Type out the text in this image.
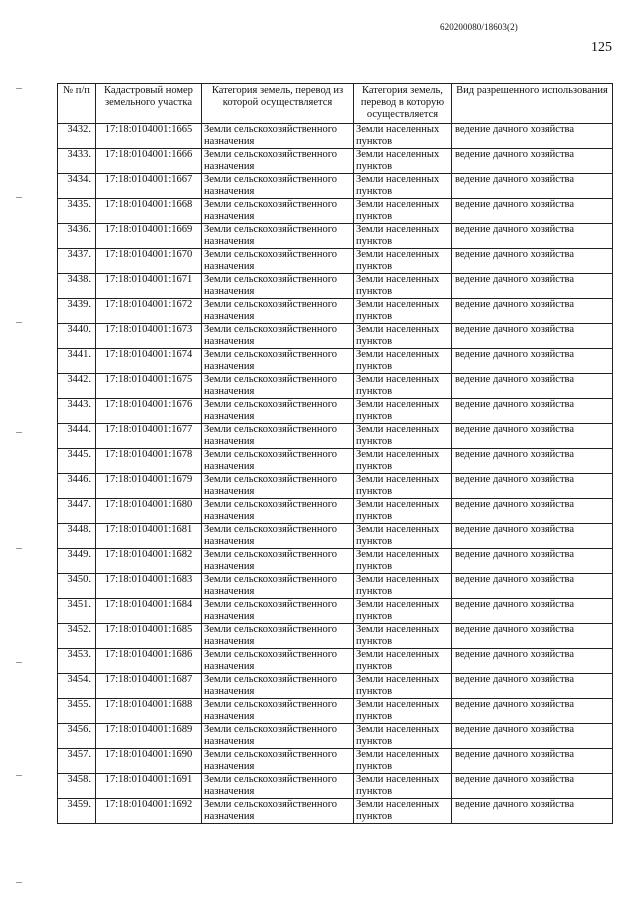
620200080/18603(2)
125
№ п/п	Кадастровый номер земельного участка	Категория земель, перевод из которой осуществляется	Категория земель, перевод в которую осуществляется	Вид разрешенного использования
3432.	17:18:0104001:1665	Земли сельскохозяйственного назначения	Земли населенных пунктов	ведение дачного хозяйства
3433.	17:18:0104001:1666	Земли сельскохозяйственного назначения	Земли населенных пунктов	ведение дачного хозяйства
3434.	17:18:0104001:1667	Земли сельскохозяйственного назначения	Земли населенных пунктов	ведение дачного хозяйства
3435.	17:18:0104001:1668	Земли сельскохозяйственного назначения	Земли населенных пунктов	ведение дачного хозяйства
3436.	17:18:0104001:1669	Земли сельскохозяйственного назначения	Земли населенных пунктов	ведение дачного хозяйства
3437.	17:18:0104001:1670	Земли сельскохозяйственного назначения	Земли населенных пунктов	ведение дачного хозяйства
3438.	17:18:0104001:1671	Земли сельскохозяйственного назначения	Земли населенных пунктов	ведение дачного хозяйства
3439.	17:18:0104001:1672	Земли сельскохозяйственного назначения	Земли населенных пунктов	ведение дачного хозяйства
3440.	17:18:0104001:1673	Земли сельскохозяйственного назначения	Земли населенных пунктов	ведение дачного хозяйства
3441.	17:18:0104001:1674	Земли сельскохозяйственного назначения	Земли населенных пунктов	ведение дачного хозяйства
3442.	17:18:0104001:1675	Земли сельскохозяйственного назначения	Земли населенных пунктов	ведение дачного хозяйства
3443.	17:18:0104001:1676	Земли сельскохозяйственного назначения	Земли населенных пунктов	ведение дачного хозяйства
3444.	17:18:0104001:1677	Земли сельскохозяйственного назначения	Земли населенных пунктов	ведение дачного хозяйства
3445.	17:18:0104001:1678	Земли сельскохозяйственного назначения	Земли населенных пунктов	ведение дачного хозяйства
3446.	17:18:0104001:1679	Земли сельскохозяйственного назначения	Земли населенных пунктов	ведение дачного хозяйства
3447.	17:18:0104001:1680	Земли сельскохозяйственного назначения	Земли населенных пунктов	ведение дачного хозяйства
3448.	17:18:0104001:1681	Земли сельскохозяйственного назначения	Земли населенных пунктов	ведение дачного хозяйства
3449.	17:18:0104001:1682	Земли сельскохозяйственного назначения	Земли населенных пунктов	ведение дачного хозяйства
3450.	17:18:0104001:1683	Земли сельскохозяйственного назначения	Земли населенных пунктов	ведение дачного хозяйства
3451.	17:18:0104001:1684	Земли сельскохозяйственного назначения	Земли населенных пунктов	ведение дачного хозяйства
3452.	17:18:0104001:1685	Земли сельскохозяйственного назначения	Земли населенных пунктов	ведение дачного хозяйства
3453.	17:18:0104001:1686	Земли сельскохозяйственного назначения	Земли населенных пунктов	ведение дачного хозяйства
3454.	17:18:0104001:1687	Земли сельскохозяйственного назначения	Земли населенных пунктов	ведение дачного хозяйства
3455.	17:18:0104001:1688	Земли сельскохозяйственного назначения	Земли населенных пунктов	ведение дачного хозяйства
3456.	17:18:0104001:1689	Земли сельскохозяйственного назначения	Земли населенных пунктов	ведение дачного хозяйства
3457.	17:18:0104001:1690	Земли сельскохозяйственного назначения	Земли населенных пунктов	ведение дачного хозяйства
3458.	17:18:0104001:1691	Земли сельскохозяйственного назначения	Земли населенных пунктов	ведение дачного хозяйства
3459.	17:18:0104001:1692	Земли сельскохозяйственного назначения	Земли населенных пунктов	ведение дачного хозяйства
